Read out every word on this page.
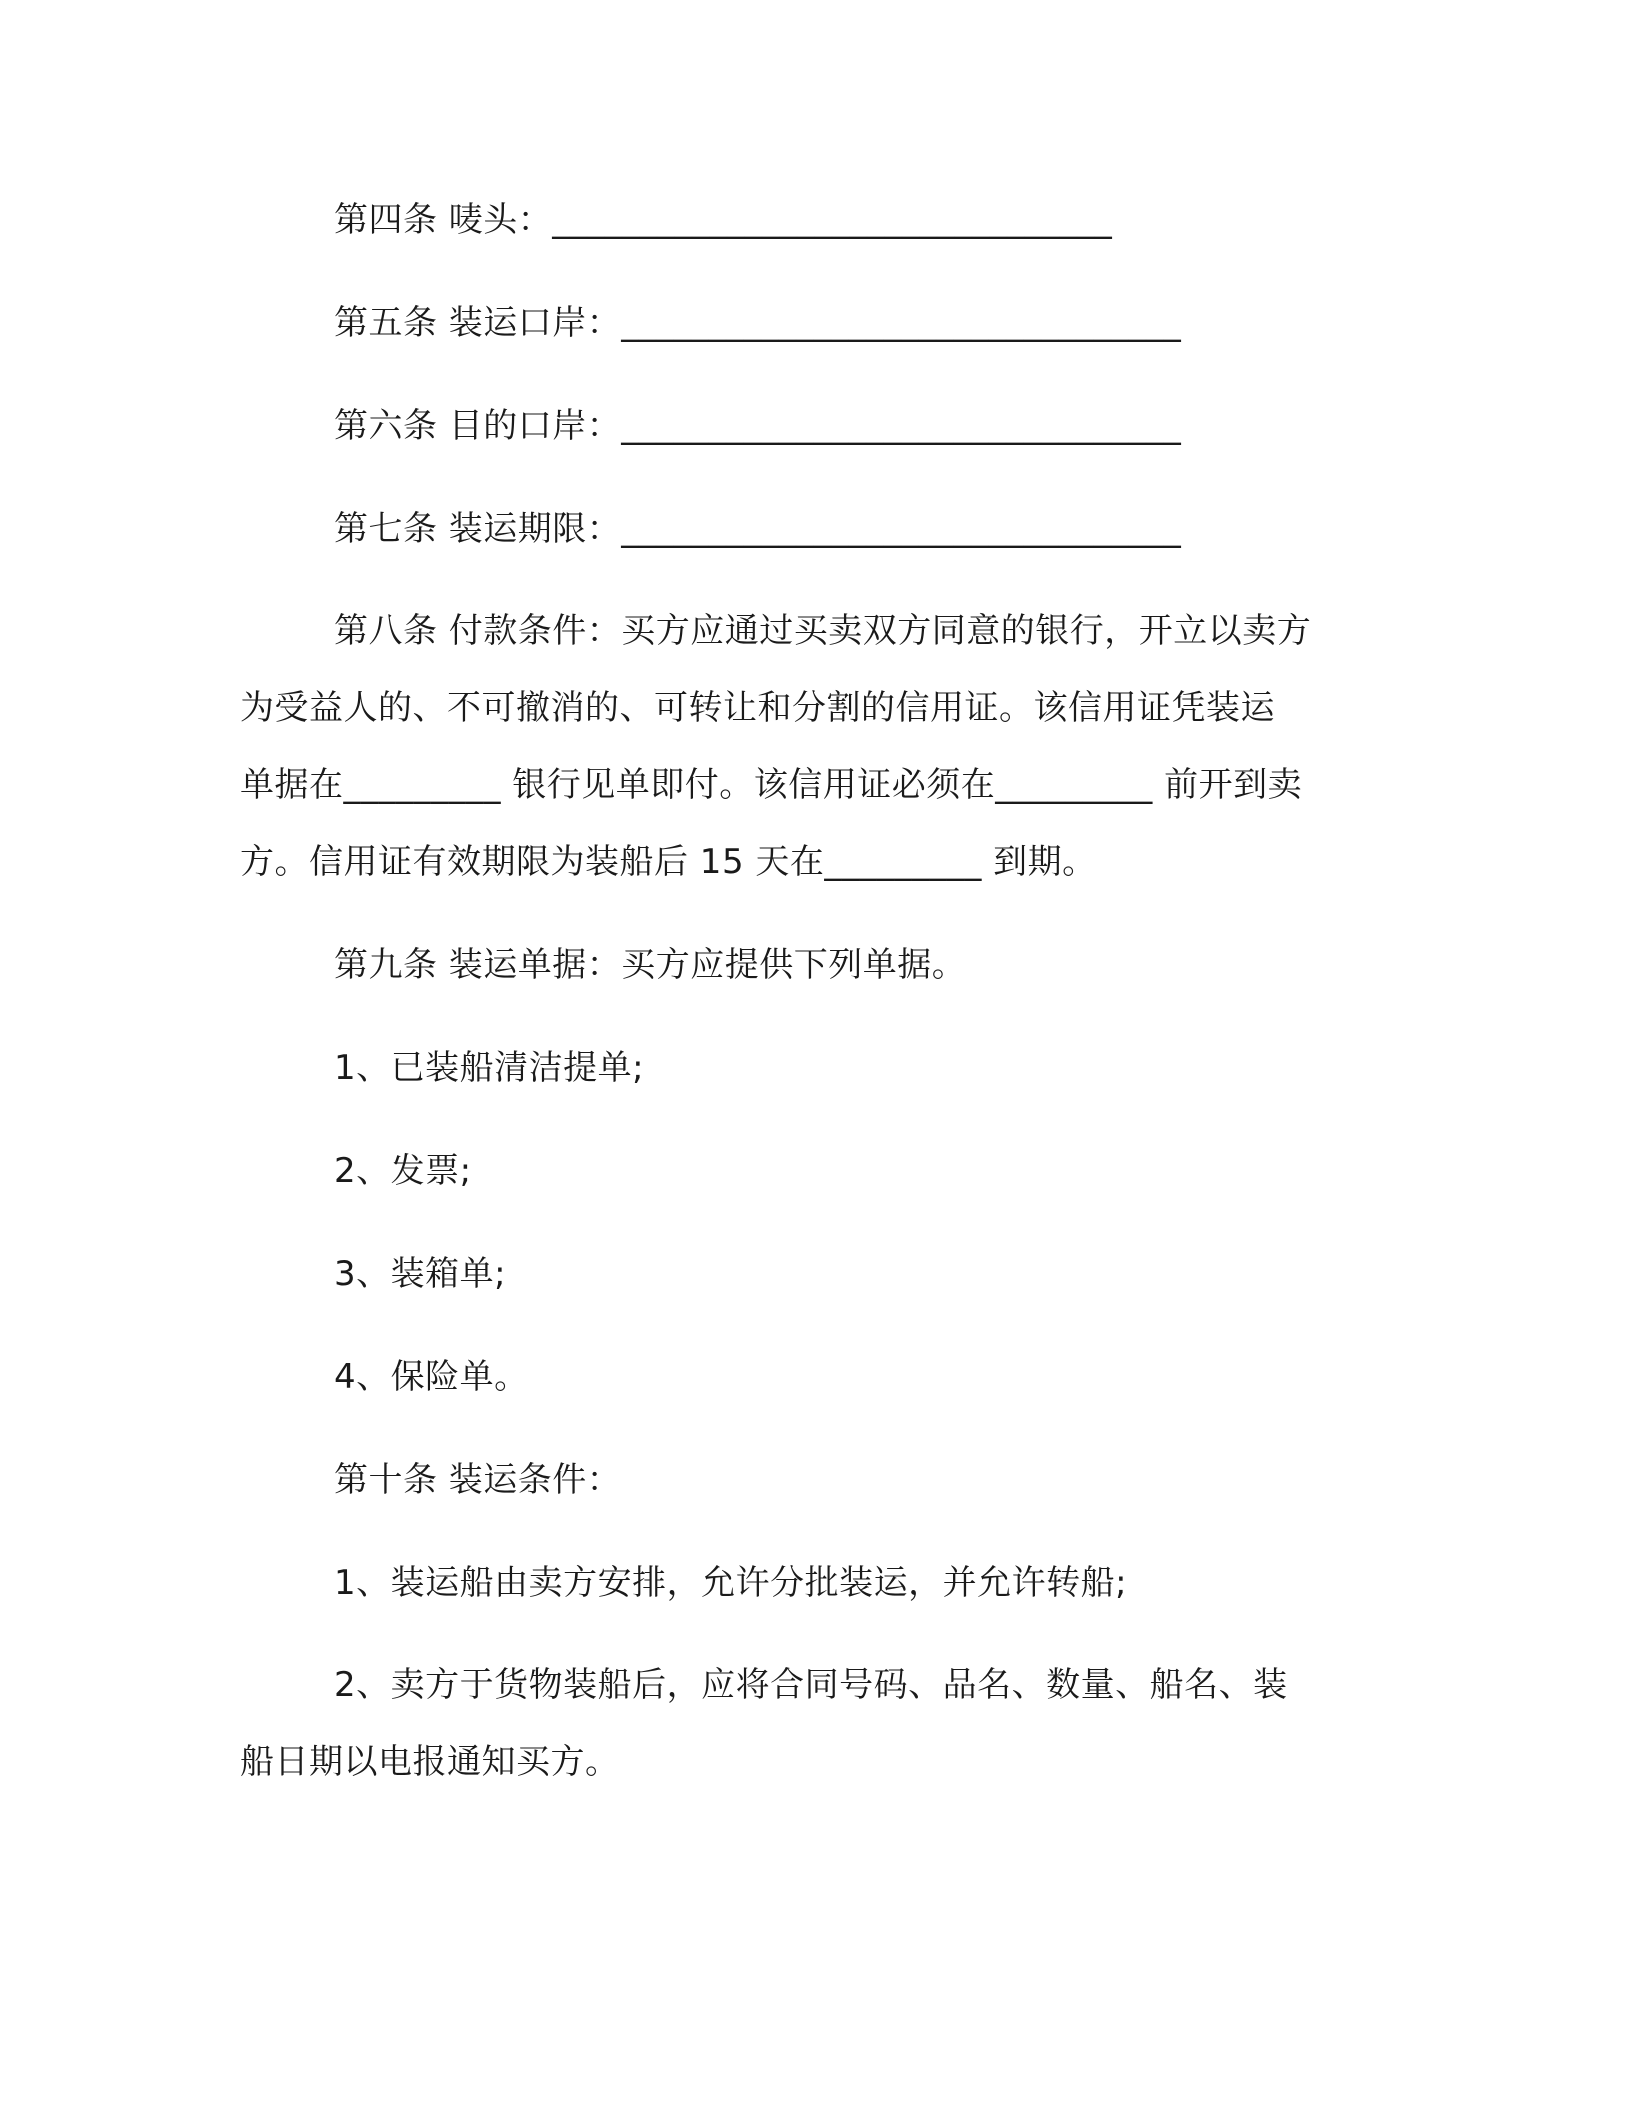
第四条 唛头：________________________________
第五条 装运口岸：________________________________
第六条 目的口岸：________________________________
第七条 装运期限：________________________________
第八条 付款条件：买方应通过买卖双方同意的银行，开立以卖方
为受益人的、不可撤消的、可转让和分割的信用证。该信用证凭装运
单据在_________ 银行见单即付。该信用证必须在_________ 前开到卖
方。信用证有效期限为装船后 15 天在_________ 到期。
第九条 装运单据：买方应提供下列单据。
1、已装船清洁提单;
2、发票;
3、装箱单;
4、保险单。
第十条 装运条件：
1、装运船由卖方安排，允许分批装运，并允许转船;
2、卖方于货物装船后，应将合同号码、品名、数量、船名、装
船日期以电报通知买方。
